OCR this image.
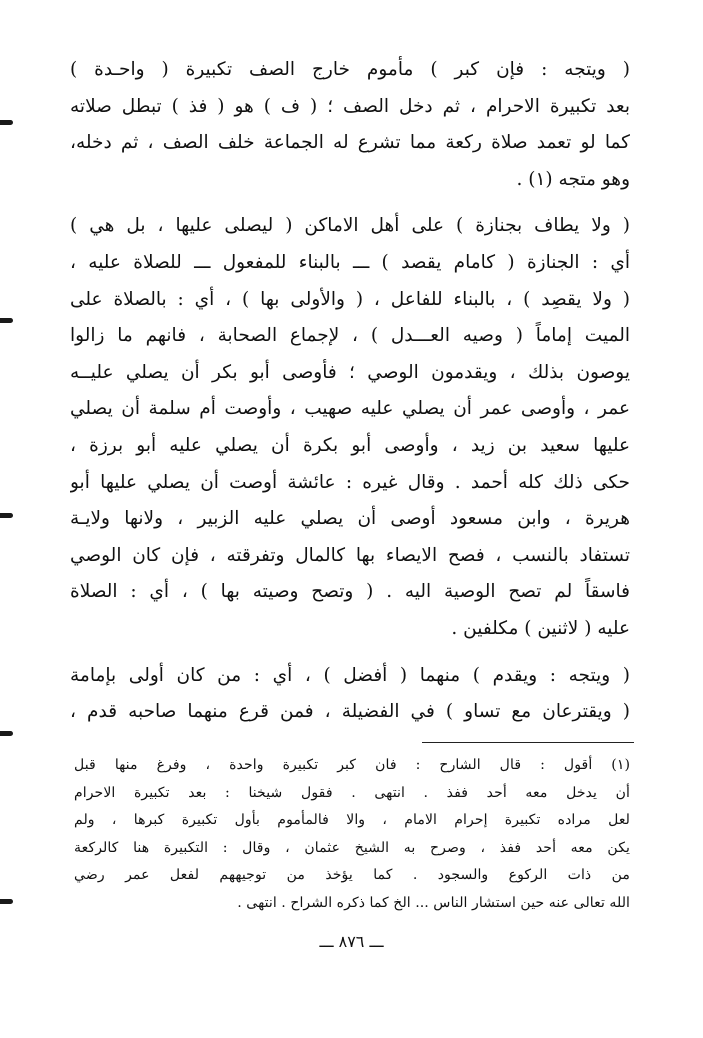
( ويتجه : فإن كبر ) مأموم خارج الصف تكبيرة ( واحـدة )
بعد تكبيرة الاحرام ، ثم دخل الصف ؛ ( ف ) هو ( فذ ) تبطل صلاته
كما لو تعمد صلاة ركعة مما تشرع له الجماعة خلف الصف ، ثم دخله،
وهو متجه (١) .
( ولا يطاف بجنازة ) على أهل الاماكن ( ليصلى عليها ، بل هي )
أي : الجنازة ( كامام يقصد ) ـــ بالبناء للمفعول ـــ للصلاة عليه ،
( ولا يقصِد ) ، بالبناء للفاعل ، ( والأولى بها ) ، أي : بالصلاة على
الميت إماماً ( وصيه العـــدل ) ، لإجماع الصحابة ، فانهم ما زالوا
يوصون بذلك ، ويقدمون الوصي ؛ فأوصى أبو بكر أن يصلي عليــه
عمر ، وأوصى عمر أن يصلي عليه صهيب ، وأوصت أم سلمة أن يصلي
عليها سعيد بن زيد ، وأوصى أبو بكرة أن يصلي عليه أبو برزة ،
حكى ذلك كله أحمد . وقال غيره : عائشة أوصت أن يصلي عليها أبو
هريرة ، وابن مسعود أوصى أن يصلي عليه الزبير ، ولانها ولايـة
تستفاد بالنسب ، فصح الايصاء بها كالمال وتفرقته ، فإن كان الوصي
فاسقاً لم تصح الوصية اليه . ( وتصح وصيته بها ) ، أي : الصلاة
عليه ( لاثنين ) مكلفين .
( ويتجه : ويقدم ) منهما ( أفضل ) ، أي : من كان أولى بإمامة
( ويقترعان مع تساو ) في الفضيلة ، فمن قرع منهما صاحبه قدم ،
(١) أقول : قال الشارح : فان كبر تكبيرة واحدة ، وفرغ منها قبل
أن يدخل معه أحد ففذ . انتهى . فقول شيخنا : بعد تكبيرة الاحرام
لعل مراده تكبيرة إحرام الامام ، والا فالمأموم بأول تكبيرة كبرها ، ولم
يكن معه أحد ففذ ، وصرح به الشيخ عثمان ، وقال : التكبيرة هنا كالركعة
من ذات الركوع والسجود . كما يؤخذ من توجيههم لفعل عمر رضي
الله تعالى عنه حين استشار الناس ... الخ كما ذكره الشراح . انتهى .
ـــ ٨٧٦ ـــ
